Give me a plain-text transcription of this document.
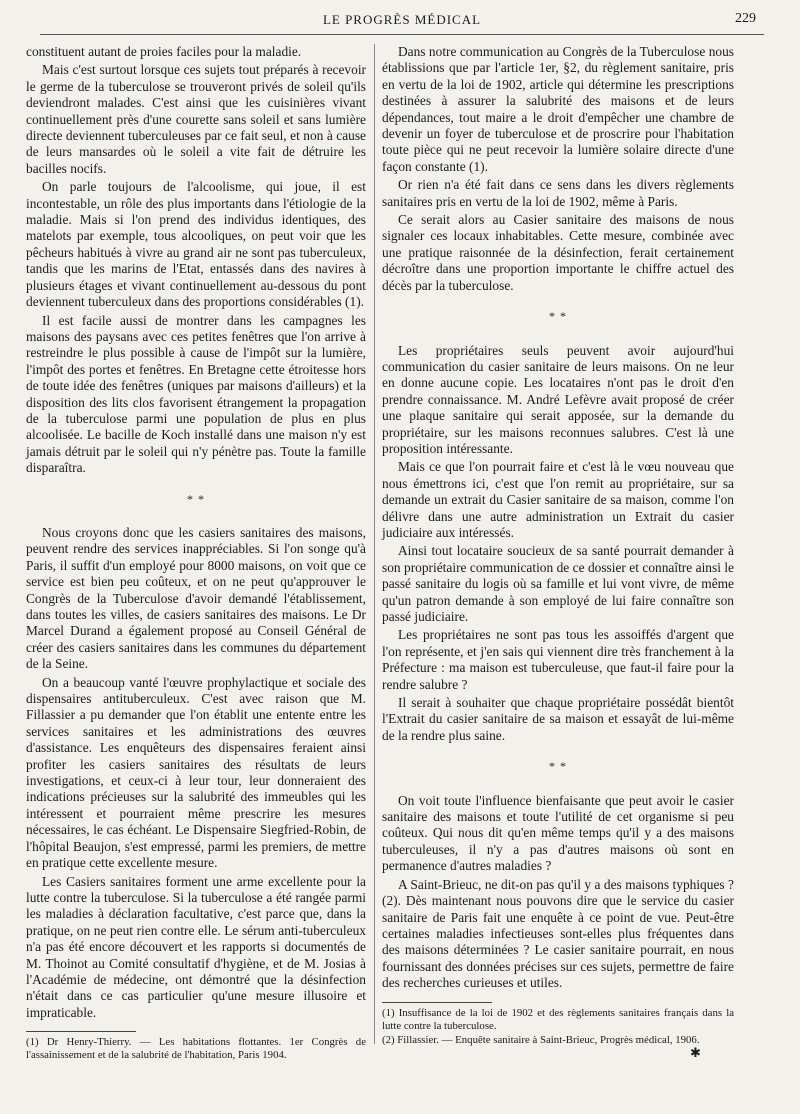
LE PROGRÈS MÉDICAL	229

constituent autant de proies faciles pour la maladie.

Mais c'est surtout lorsque ces sujets tout préparés à recevoir le germe de la tuberculose se trouveront privés de soleil qu'ils deviendront malades. C'est ainsi que les cuisinières vivant continuellement près d'une courette sans soleil et sans lumière directe deviennent tuberculeuses par ce fait seul, et non à cause de leurs mansardes où le soleil a vite fait de détruire les bacilles nocifs.

On parle toujours de l'alcoolisme, qui joue, il est incontestable, un rôle des plus importants dans l'étiologie de la maladie. Mais si l'on prend des individus identiques, des matelots par exemple, tous alcooliques, on peut voir que les pêcheurs habitués à vivre au grand air ne sont pas tuberculeux, tandis que les marins de l'Etat, entassés dans des navires à plusieurs étages et vivant continuellement au-dessous du pont deviennent tuberculeux dans des proportions considérables (1).

Il est facile aussi de montrer dans les campagnes les maisons des paysans avec ces petites fenêtres que l'on arrive à restreindre le plus possible à cause de l'impôt sur la lumière, l'impôt des portes et fenêtres. En Bretagne cette étroitesse hors de toute idée des fenêtres (uniques par maisons d'ailleurs) et la disposition des lits clos favorisent étrangement la propagation de la tuberculose parmi une population de plus en plus alcoolisée. Le bacille de Koch installé dans une maison n'y est jamais détruit par le soleil qui n'y pénètre pas. Toute la famille disparaîtra.

* *

Nous croyons donc que les casiers sanitaires des maisons, peuvent rendre des services inappréciables. Si l'on songe qu'à Paris, il suffit d'un employé pour 8000 maisons, on voit que ce service est bien peu coûteux, et on ne peut qu'approuver le Congrès de la Tuberculose d'avoir demandé l'établissement, dans toutes les villes, de casiers sanitaires des maisons. Le Dr Marcel Durand a également proposé au Conseil Général de créer des casiers sanitaires dans les communes du département de la Seine.

On a beaucoup vanté l'œuvre prophylactique et sociale des dispensaires antituberculeux. C'est avec raison que M. Fillassier a pu demander que l'on établit une entente entre les services sanitaires et les administrations des œuvres d'assistance. Les enquêteurs des dispensaires feraient ainsi profiter les casiers sanitaires des résultats de leurs investigations, et ceux-ci à leur tour, leur donneraient des indications précieuses sur la salubrité des immeubles qui les intéressent et pourraient même prescrire les mesures nécessaires, le cas échéant. Le Dispensaire Siegfried-Robin, de l'hôpital Beaujon, s'est empressé, parmi les premiers, de mettre en pratique cette excellente mesure.

Les Casiers sanitaires forment une arme excellente pour la lutte contre la tuberculose. Si la tuberculose a été rangée parmi les maladies à déclaration facultative, c'est parce que, dans la pratique, on ne peut rien contre elle. Le sérum anti-tuberculeux n'a pas été encore découvert et les rapports si documentés de M. Thoinot au Comité consultatif d'hygiène, et de M. Josias à l'Académie de médecine, ont démontré que la désinfection n'était dans ce cas particulier qu'une mesure illusoire et impraticable.

(1) Dr Henry-Thierry. — Les habitations flottantes. 1er Congrès de l'assainissement et de la salubrité de l'habitation, Paris 1904.

Dans notre communication au Congrès de la Tuberculose nous établissions que par l'article 1er, §2, du règlement sanitaire, pris en vertu de la loi de 1902, article qui détermine les prescriptions destinées à assurer la salubrité des maisons et de leurs dépendances, tout maire a le droit d'empêcher une chambre de devenir un foyer de tuberculose et de proscrire pour l'habitation toute pièce qui ne peut recevoir la lumière solaire directe d'une façon constante (1).

Or rien n'a été fait dans ce sens dans les divers règlements sanitaires pris en vertu de la loi de 1902, même à Paris.

Ce serait alors au Casier sanitaire des maisons de nous signaler ces locaux inhabitables. Cette mesure, combinée avec une pratique raisonnée de la désinfection, ferait certainement décroître dans une proportion importante le chiffre actuel des décès par la tuberculose.

* *

Les propriétaires seuls peuvent avoir aujourd'hui communication du casier sanitaire de leurs maisons. On ne leur en donne aucune copie. Les locataires n'ont pas le droit d'en prendre connaissance. M. André Lefèvre avait proposé de créer une plaque sanitaire qui serait apposée, sur la demande du propriétaire, sur les maisons reconnues salubres. C'est là une proposition intéressante.

Mais ce que l'on pourrait faire et c'est là le vœu nouveau que nous émettrons ici, c'est que l'on remit au propriétaire, sur sa demande un extrait du Casier sanitaire de sa maison, comme l'on délivre dans une autre administration un Extrait du casier judiciaire aux intéressés.

Ainsi tout locataire soucieux de sa santé pourrait demander à son propriétaire communication de ce dossier et connaître ainsi le passé sanitaire du logis où sa famille et lui vont vivre, de même qu'un patron demande à son employé de lui faire connaître son passé judiciaire.

Les propriétaires ne sont pas tous les assoiffés d'argent que l'on représente, et j'en sais qui viennent dire très franchement à la Préfecture : ma maison est tuberculeuse, que faut-il faire pour la rendre salubre ?

Il serait à souhaiter que chaque propriétaire possédât bientôt l'Extrait du casier sanitaire de sa maison et essayât de lui-même de la rendre plus saine.

* *

On voit toute l'influence bienfaisante que peut avoir le casier sanitaire des maisons et toute l'utilité de cet organisme si peu coûteux. Qui nous dit qu'en même temps qu'il y a des maisons tuberculeuses, il n'y a pas d'autres maisons où sont en permanence d'autres maladies ?

A Saint-Brieuc, ne dit-on pas qu'il y a des maisons typhiques ? (2). Dès maintenant nous pouvons dire que le service du casier sanitaire de Paris fait une enquête à ce point de vue. Peut-être certaines maladies infectieuses sont-elles plus fréquentes dans des maisons déterminées ? Le casier sanitaire pourrait, en nous fournissant des données précises sur ces sujets, permettre de faire des recherches curieuses et utiles.

(1) Insuffisance de la loi de 1902 et des règlements sanitaires français dans la lutte contre la tuberculose.

(2) Fillassier. — Enquête sanitaire à Saint-Brieuc, Progrès médical, 1906.

✱
